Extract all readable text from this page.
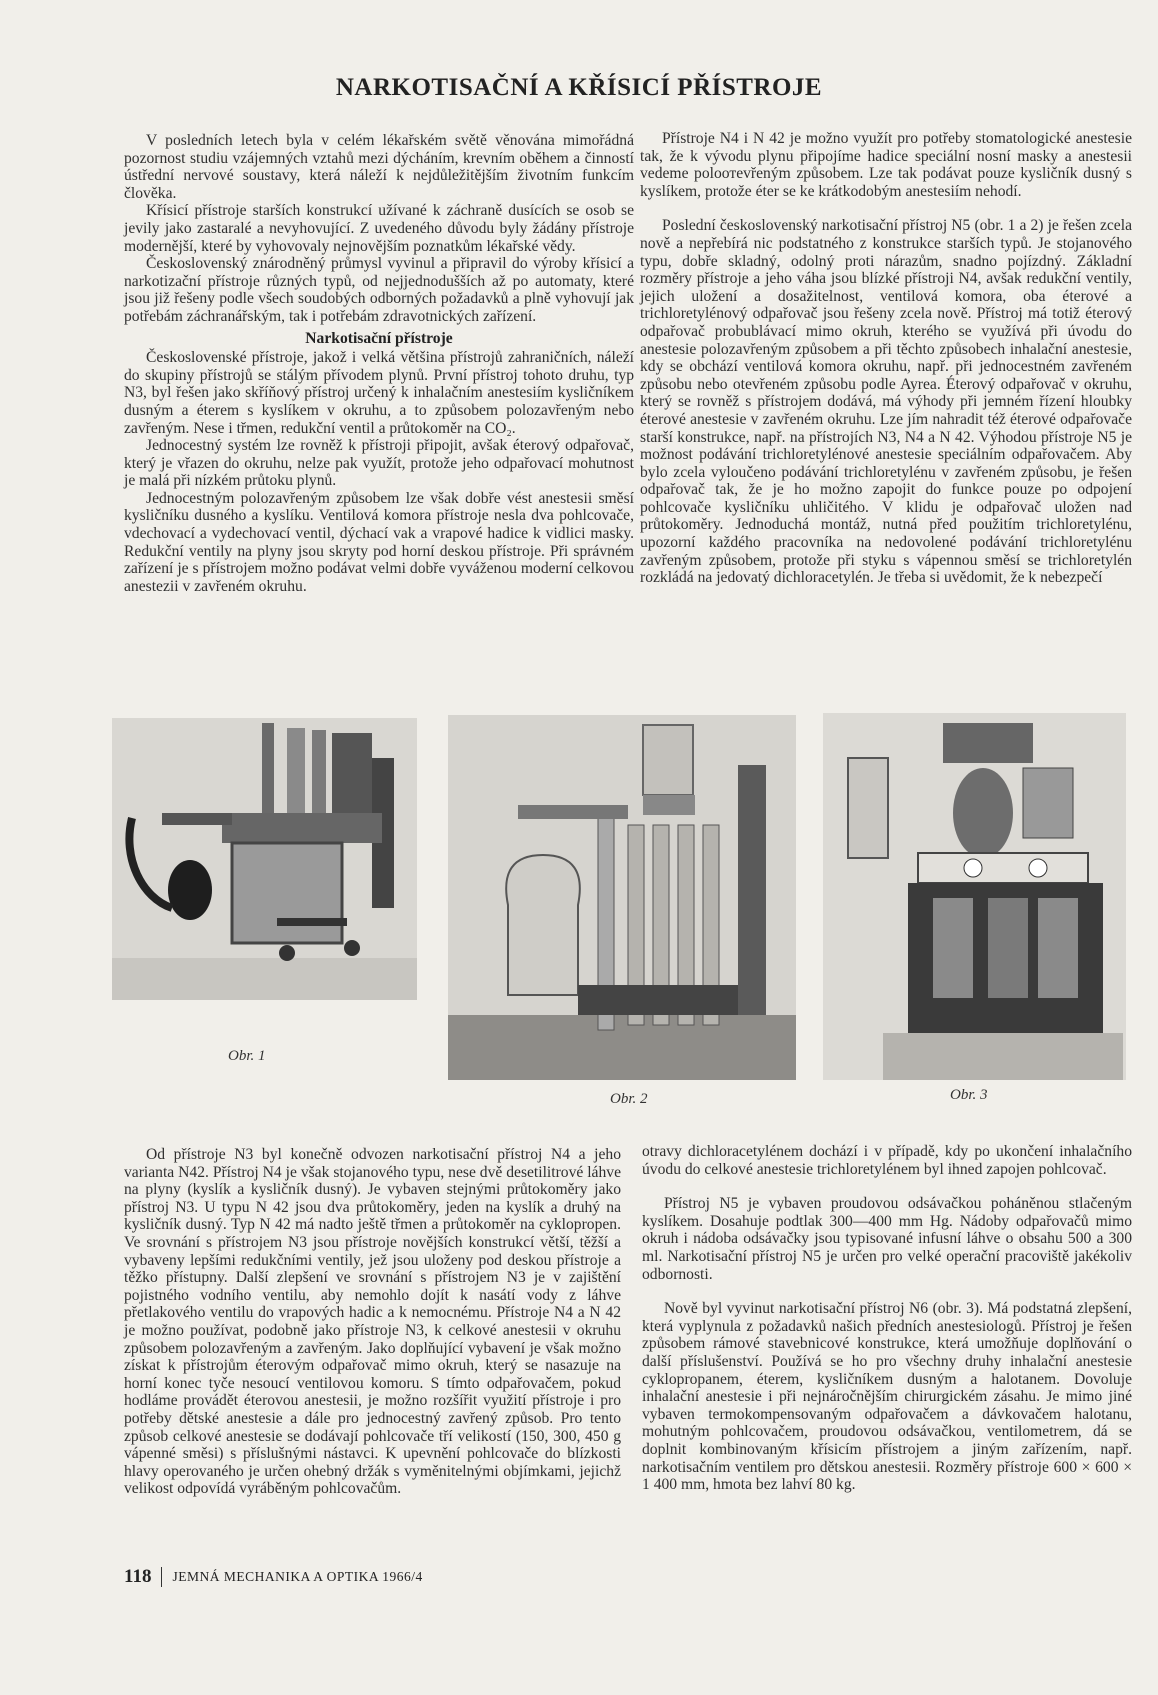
NARKOTISAČNÍ A KŘÍSICÍ PŘÍSTROJE

V posledních letech byla v celém lékařském světě věnována mimořádná pozornost studiu vzájemných vztahů mezi dýcháním, krevním oběhem a činností ústřední nervové soustavy, která náleží k nejdůležitějším životním funkcím člověka.

Křísicí přístroje starších konstrukcí užívané k záchraně dusících se osob se jevily jako zastaralé a nevyhovující. Z uvedeného důvodu byly žádány přístroje modernější, které by vyhovovaly nejnovějším poznatkům lékařské vědy.

Československý znárodněný průmysl vyvinul a připravil do výroby křísicí a narkotizační přístroje různých typů, od nejjednodušších až po automaty, které jsou již řešeny podle všech soudobých odborných požadavků a plně vyhovují jak potřebám záchranářským, tak i potřebám zdravotnických zařízení.

Narkotisační přístroje

Československé přístroje, jakož i velká většina přístrojů zahraničních, náleží do skupiny přístrojů se stálým přívodem plynů. První přístroj tohoto druhu, typ N3, byl řešen jako skříňový přístroj určený k inhalačním anestesiím kysličníkem dusným a éterem s kyslíkem v okruhu, a to způsobem polozavřeným nebo zavřeným. Nese i třmen, redukční ventil a průtokoměr na CO₂.

Jednocestný systém lze rovněž k přístroji připojit, avšak éterový odpařovač, který je vřazen do okruhu, nelze pak využít, protože jeho odpařovací mohutnost je malá při nízkém průtoku plynů.

Jednocestným polozavřeným způsobem lze však dobře vést anestesii směsí kysličníku dusného a kyslíku. Ventilová komora přístroje nesla dva pohlcovače, vdechovací a vydechovací ventil, dýchací vak a vrapové hadice k vidlici masky. Redukční ventily na plyny jsou skryty pod horní deskou přístroje. Při správném zařízení je s přístrojem možno podávat velmi dobře vyváženou moderní celkovou anestezii v zavřeném okruhu.

Přístroje N4 i N 42 je možno využít pro potřeby stomatologické anestesie tak, že k vývodu plynu připojíme hadice speciální nosní masky a anestesii vedeme poloотevřeným způsobem. Lze tak podávat pouze kysličník dusný s kyslíkem, protože éter se ke krátkodobým anestesiím nehodí.

Poslední československý narkotisační přístroj N5 (obr. 1 a 2) je řešen zcela nově a nepřebírá nic podstatného z konstrukce starších typů. Je stojanového typu, dobře skladný, odolný proti nárazům, snadno pojízdný. Základní rozměry přístroje a jeho váha jsou blízké přístroji N4, avšak redukční ventily, jejich uložení a dosažitelnost, ventilová komora, oba éterové a trichloretylénový odpařovač jsou řešeny zcela nově. Přístroj má totiž éterový odpařovač probublávací mimo okruh, kterého se využívá při úvodu do anestesie polozavřeným způsobem a při těchto způsobech inhalační anestesie, kdy se obchází ventilová komora okruhu, např. při jednocestném zavřeném způsobu nebo otevřeném způsobu podle Ayrea. Éterový odpařovač v okruhu, který se rovněž s přístrojem dodává, má výhody při jemném řízení hloubky éterové anestesie v zavřeném okruhu. Lze jím nahradit též éterové odpařovače starší konstrukce, např. na přístrojích N3, N4 a N 42. Výhodou přístroje N5 je možnost podávání trichloretylénové anestesie speciálním odpařovačem. Aby bylo zcela vyloučeno podávání trichloretylénu v zavřeném způsobu, je řešen odpařovač tak, že je ho možno zapojit do funkce pouze po odpojení pohlcovače kysličníku uhličitého. V klidu je odpařovač uložen nad průtokoměry. Jednoduchá montáž, nutná před použitím trichloretylénu, upozorní každého pracovníka na nedovolené podávání trichloretylénu zavřeným způsobem, protože při styku s vápennou směsí se trichloretylén rozkládá na jedovatý dichloracetylén. Je třeba si uvědomit, že k nebezpečí

Obr. 1
Obr. 2	Obr. 3

Od přístroje N3 byl konečně odvozen narkotisační přístroj N4 a jeho varianta N42. Přístroj N4 je však stojanového typu, nese dvě desetilitrové láhve na plyny (kyslík a kysličník dusný). Je vybaven stejnými průtokoměry jako přístroj N3. U typu N 42 jsou dva průtokoměry, jeden na kyslík a druhý na kysličník dusný. Typ N 42 má nadto ještě třmen a průtokoměr na cyklopropen. Ve srovnání s přístrojem N3 jsou přístroje novějších konstrukcí větší, těžší a vybaveny lepšími redukčními ventily, jež jsou uloženy pod deskou přístroje a těžko přístupny. Další zlepšení ve srovnání s přístrojem N3 je v zajištění pojistného vodního ventilu, aby nemohlo dojít k nasátí vody z láhve přetlakového ventilu do vrapových hadic a k nemocnému. Přístroje N4 a N 42 je možno používat, podobně jako přístroje N3, k celkové anestesii v okruhu způsobem polozavřeným a zavřeným. Jako doplňující vybavení je však možno získat k přístrojům éterovým odpařovač mimo okruh, který se nasazuje na horní konec tyče nesoucí ventilovou komoru. S tímto odpařovačem, pokud hodláme provádět éterovou anestesii, je možno rozšířit využití přístroje i pro potřeby dětské anestesie a dále pro jednocestný zavřený způsob. Pro tento způsob celkové anestesie se dodávají pohlcovače tří velikostí (150, 300, 450 g vápenné směsi) s příslušnými nástavci. K upevnění pohlcovače do blízkosti hlavy operovaného je určen ohebný držák s vyměnitelnými objímkami, jejichž velikost odpovídá vyráběným pohlcovačům.

otravy dichloracetylénem dochází i v případě, kdy po ukončení inhalačního úvodu do celkové anestesie trichloretylénem byl ihned zapojen pohlcovač.

Přístroj N5 je vybaven proudovou odsávačkou poháněnou stlačeným kyslíkem. Dosahuje podtlak 300—400 mm Hg. Nádoby odpařovačů mimo okruh i nádoba odsávačky jsou typisované infusní láhve o obsahu 500 a 300 ml. Narkotisační přístroj N5 je určen pro velké operační pracoviště jakékoliv odbornosti.

Nově byl vyvinut narkotisační přístroj N6 (obr. 3). Má podstatná zlepšení, která vyplynula z požadavků našich předních anestesiologů. Přístroj je řešen způsobem rámové stavebnicové konstrukce, která umožňuje doplňování o další příslušenství. Používá se ho pro všechny druhy inhalační anestesie cyklopropanem, éterem, kysličníkem dusným a halotanem. Dovoluje inhalační anestesie i při nejnáročnějším chirurgickém zásahu. Je mimo jiné vybaven termokompensovaným odpařovačem a dávkovačem halotanu, mohutným pohlcovačem, proudovou odsávačkou, ventilometrem, dá se doplnit kombinovaným křísicím přístrojem a jiným zařízením, např. narkotisačním ventilem pro dětskou anestesii. Rozměry přístroje 600 × 600 × 1 400 mm, hmota bez lahví 80 kg.

118 JEMNÁ MECHANIKA A OPTIKA 1966/4
